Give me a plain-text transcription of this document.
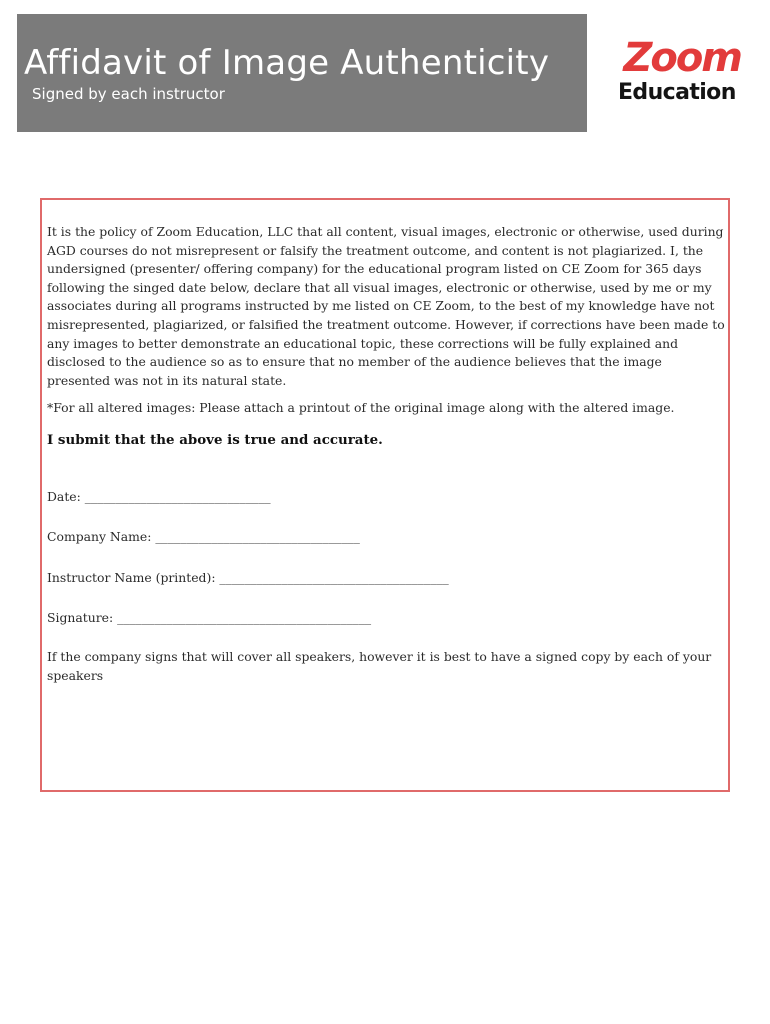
Affidavit of Image Authenticity
Signed by each instructor
Zoom
Education

It is the policy of Zoom Education, LLC that all content, visual images, electronic or otherwise, used during AGD courses do not misrepresent or falsify the treatment outcome, and content is not plagiarized. I, the undersigned (presenter/ offering company) for the educational program listed on CE Zoom for 365 days following the singed date below, declare that all visual images, electronic or otherwise, used by me or my associates during all programs instructed by me listed on CE Zoom, to the best of my knowledge have not misrepresented, plagiarized, or falsified the treatment outcome. However, if corrections have been made to any images to better demonstrate an educational topic, these corrections will be fully explained and disclosed to the audience so as to ensure that no member of the audience believes that the image presented was not in its natural state.

*For all altered images: Please attach a printout of the original image along with the altered image.

I submit that the above is true and accurate.

Date: ______________________________

Company Name: _________________________________

Instructor Name (printed): _____________________________________

Signature: _________________________________________

If the company signs that will cover all speakers, however it is best to have a signed copy by each of your speakers
